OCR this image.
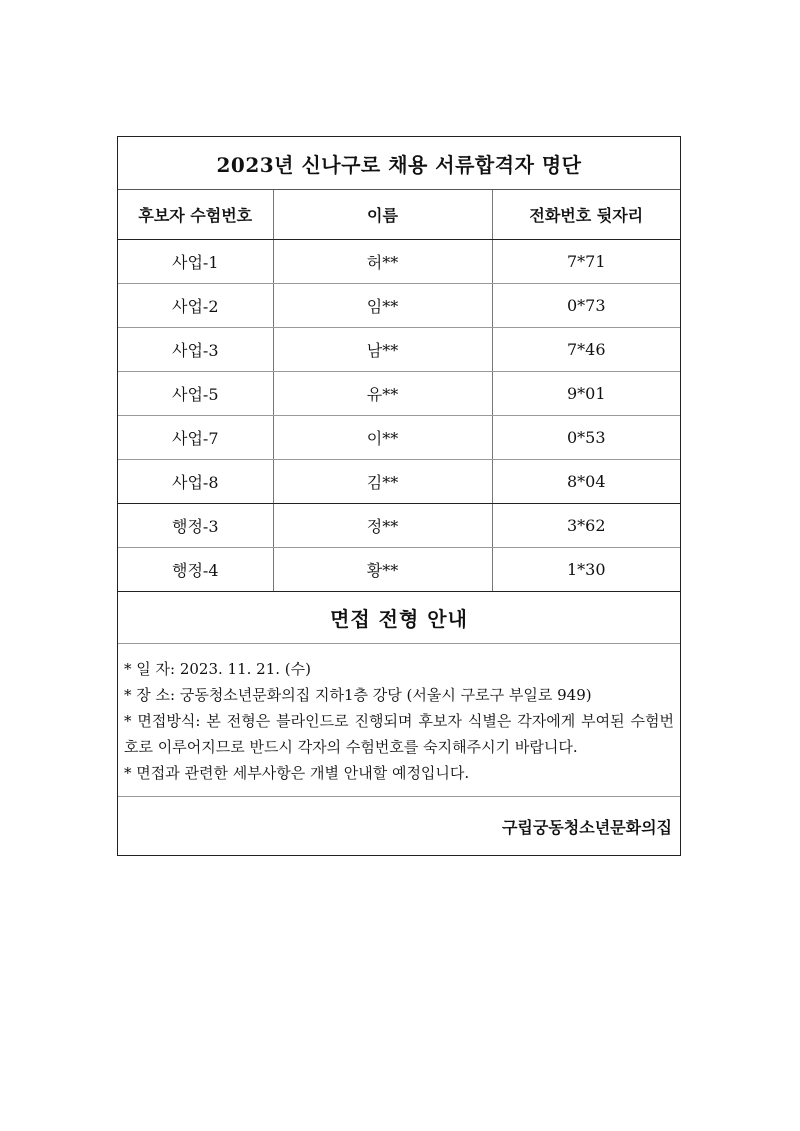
2023년 신나구로 채용 서류합격자 명단
후보자 수험번호	이름	전화번호 뒷자리
사업-1	허**	7*71
사업-2	임**	0*73
사업-3	남**	7*46
사업-5	유**	9*01
사업-7	이**	0*53
사업-8	김**	8*04
행정-3	정**	3*62
행정-4	황**	1*30
면접 전형 안내

* 일 자: 2023. 11. 21. (수)

* 장 소: 궁동청소년문화의집 지하1층 강당 (서울시 구로구 부일로 949)

* 면접방식: 본 전형은 블라인드로 진행되며 후보자 식별은 각자에게 부여된 수험번호로 이루어지므로 반드시 각자의 수험번호를 숙지해주시기 바랍니다.

* 면접과 관련한 세부사항은 개별 안내할 예정입니다.

구립궁동청소년문화의집
